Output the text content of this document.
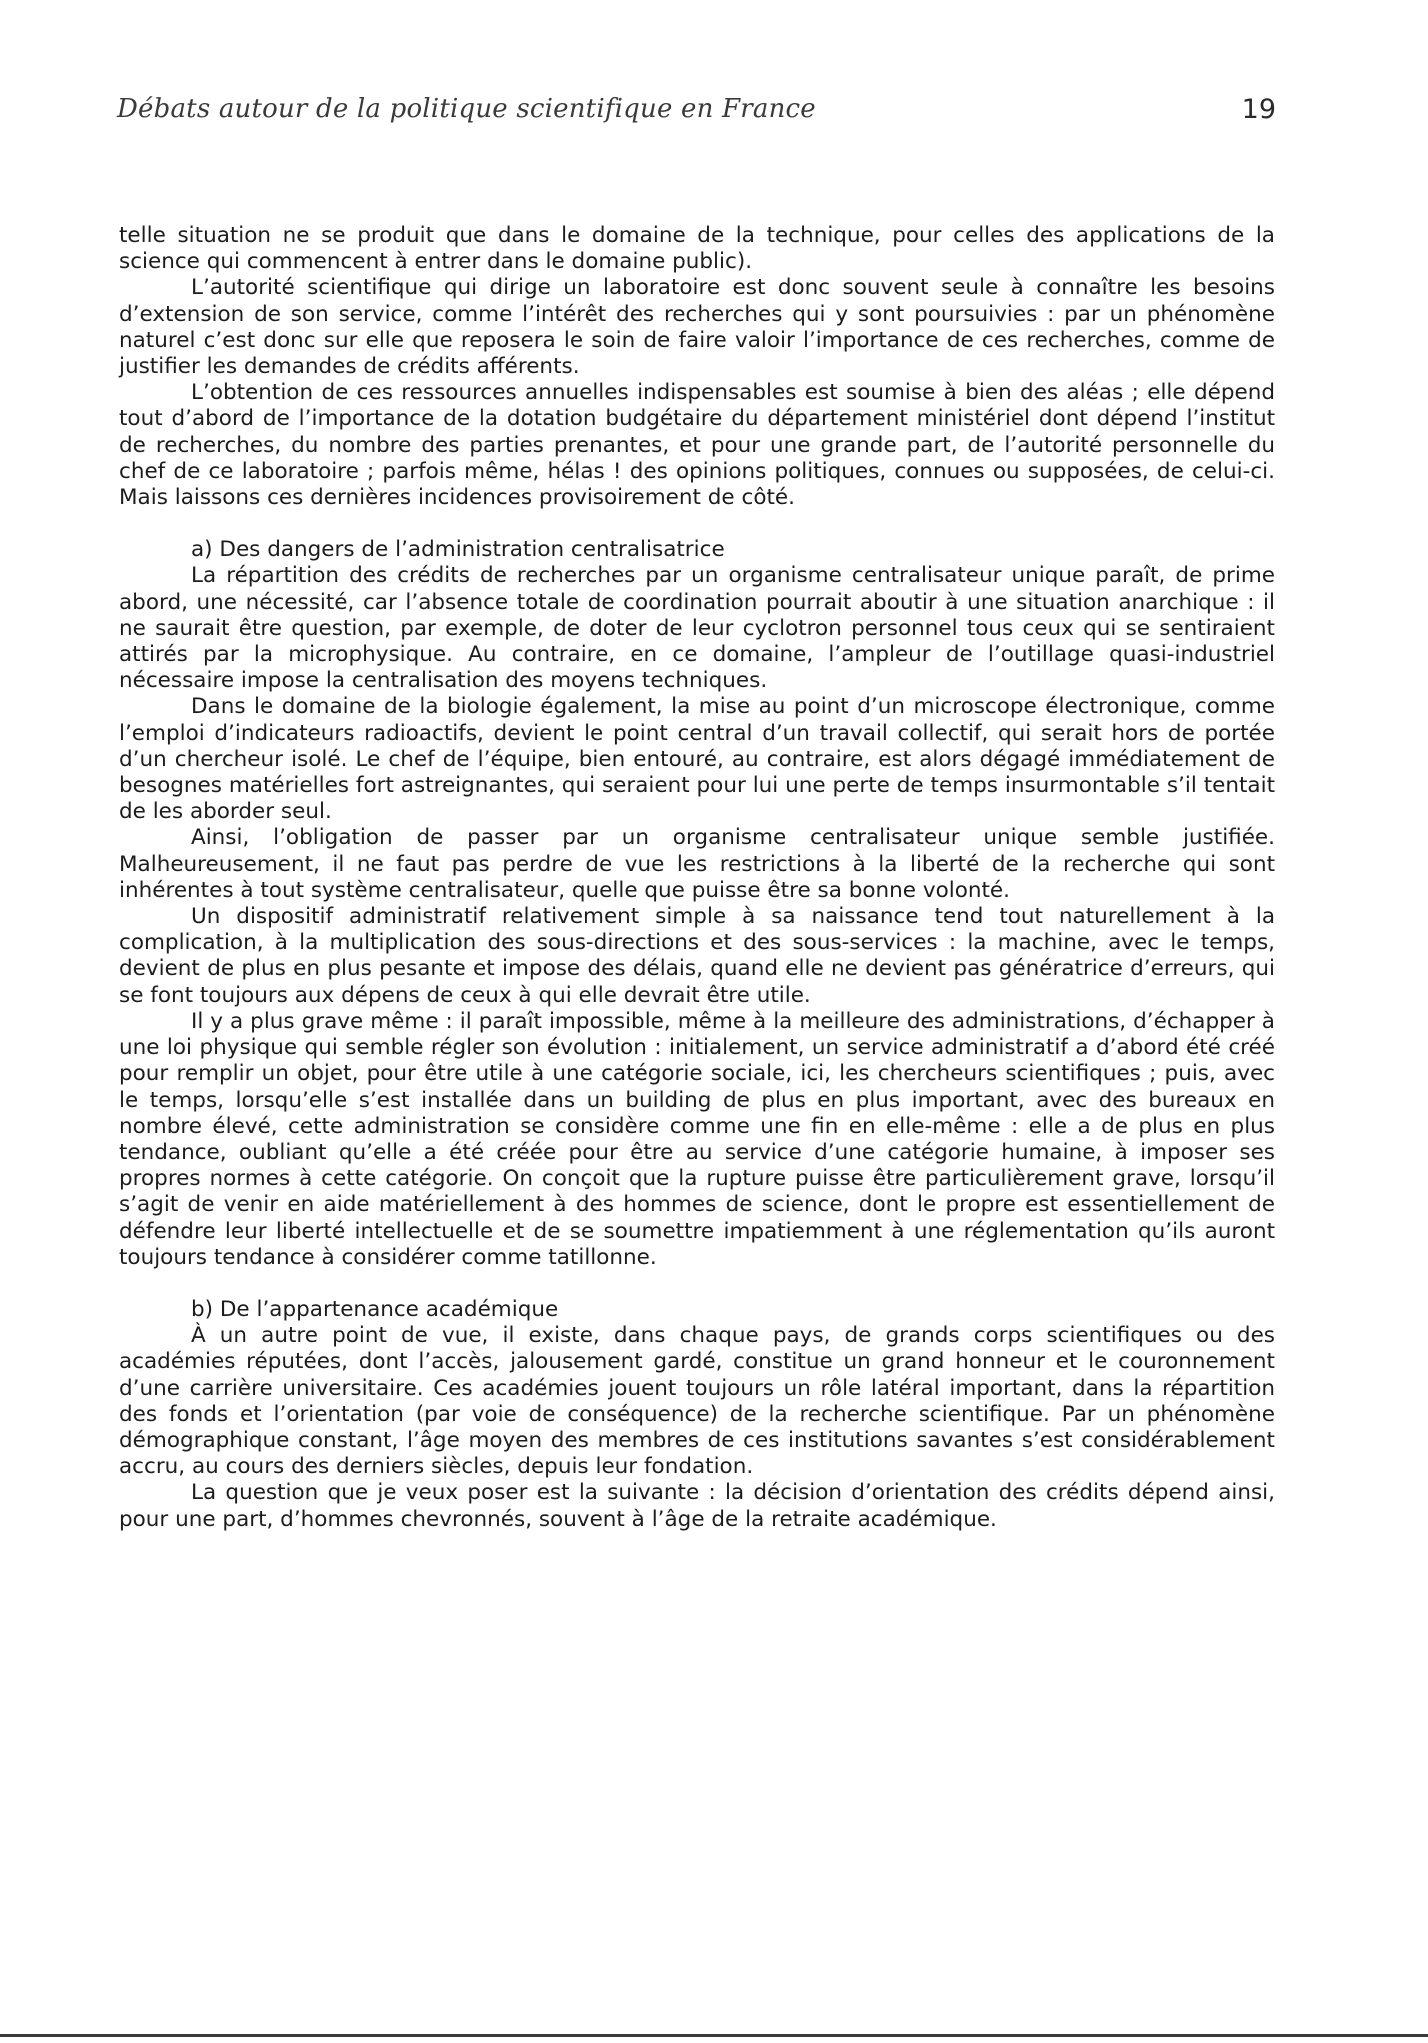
Débats autour de la politique scientifique en France	19

telle situation ne se produit que dans le domaine de la technique, pour celles des applications de la science qui commencent à entrer dans le domaine public).

L’autorité scientifique qui dirige un laboratoire est donc souvent seule à connaître les besoins d’extension de son service, comme l’intérêt des recherches qui y sont poursuivies : par un phénomène naturel c’est donc sur elle que reposera le soin de faire valoir l’importance de ces recherches, comme de justifier les demandes de crédits afférents.

L’obtention de ces ressources annuelles indispensables est soumise à bien des aléas ; elle dépend tout d’abord de l’importance de la dotation budgétaire du département ministériel dont dépend l’institut de recherches, du nombre des parties prenantes, et pour une grande part, de l’autorité personnelle du chef de ce laboratoire ; parfois même, hélas ! des opinions politiques, connues ou supposées, de celui-ci. Mais laissons ces dernières incidences provisoirement de côté.

a) Des dangers de l’administration centralisatrice

La répartition des crédits de recherches par un organisme centralisateur unique paraît, de prime abord, une nécessité, car l’absence totale de coordination pourrait aboutir à une situation anarchique : il ne saurait être question, par exemple, de doter de leur cyclotron personnel tous ceux qui se sentiraient attirés par la microphysique. Au contraire, en ce domaine, l’ampleur de l’outillage quasi-industriel nécessaire impose la centralisation des moyens techniques.

Dans le domaine de la biologie également, la mise au point d’un microscope électronique, comme l’emploi d’indicateurs radioactifs, devient le point central d’un travail collectif, qui serait hors de portée d’un chercheur isolé. Le chef de l’équipe, bien entouré, au contraire, est alors dégagé immédiatement de besognes matérielles fort astreignantes, qui seraient pour lui une perte de temps insurmontable s’il tentait de les aborder seul.

Ainsi, l’obligation de passer par un organisme centralisateur unique semble justifiée. Malheureusement, il ne faut pas perdre de vue les restrictions à la liberté de la recherche qui sont inhérentes à tout système centralisateur, quelle que puisse être sa bonne volonté.

Un dispositif administratif relativement simple à sa naissance tend tout naturellement à la complication, à la multiplication des sous-directions et des sous-services : la machine, avec le temps, devient de plus en plus pesante et impose des délais, quand elle ne devient pas génératrice d’erreurs, qui se font toujours aux dépens de ceux à qui elle devrait être utile.

Il y a plus grave même : il paraît impossible, même à la meilleure des administrations, d’échapper à une loi physique qui semble régler son évolution : initialement, un service administratif a d’abord été créé pour remplir un objet, pour être utile à une catégorie sociale, ici, les chercheurs scientifiques ; puis, avec le temps, lorsqu’elle s’est installée dans un building de plus en plus important, avec des bureaux en nombre élevé, cette administration se considère comme une fin en elle-même : elle a de plus en plus tendance, oubliant qu’elle a été créée pour être au service d’une catégorie humaine, à imposer ses propres normes à cette catégorie. On conçoit que la rupture puisse être particulièrement grave, lorsqu’il s’agit de venir en aide matériellement à des hommes de science, dont le propre est essentiellement de défendre leur liberté intellectuelle et de se soumettre impatiemment à une réglementation qu’ils auront toujours tendance à considérer comme tatillonne.

b) De l’appartenance académique

À un autre point de vue, il existe, dans chaque pays, de grands corps scientifiques ou des académies réputées, dont l’accès, jalousement gardé, constitue un grand honneur et le couronnement d’une carrière universitaire. Ces académies jouent toujours un rôle latéral important, dans la répartition des fonds et l’orientation (par voie de conséquence) de la recherche scientifique. Par un phénomène démographique constant, l’âge moyen des membres de ces institutions savantes s’est considérablement accru, au cours des derniers siècles, depuis leur fondation.

La question que je veux poser est la suivante : la décision d’orientation des crédits dépend ainsi, pour une part, d’hommes chevronnés, souvent à l’âge de la retraite académique.
